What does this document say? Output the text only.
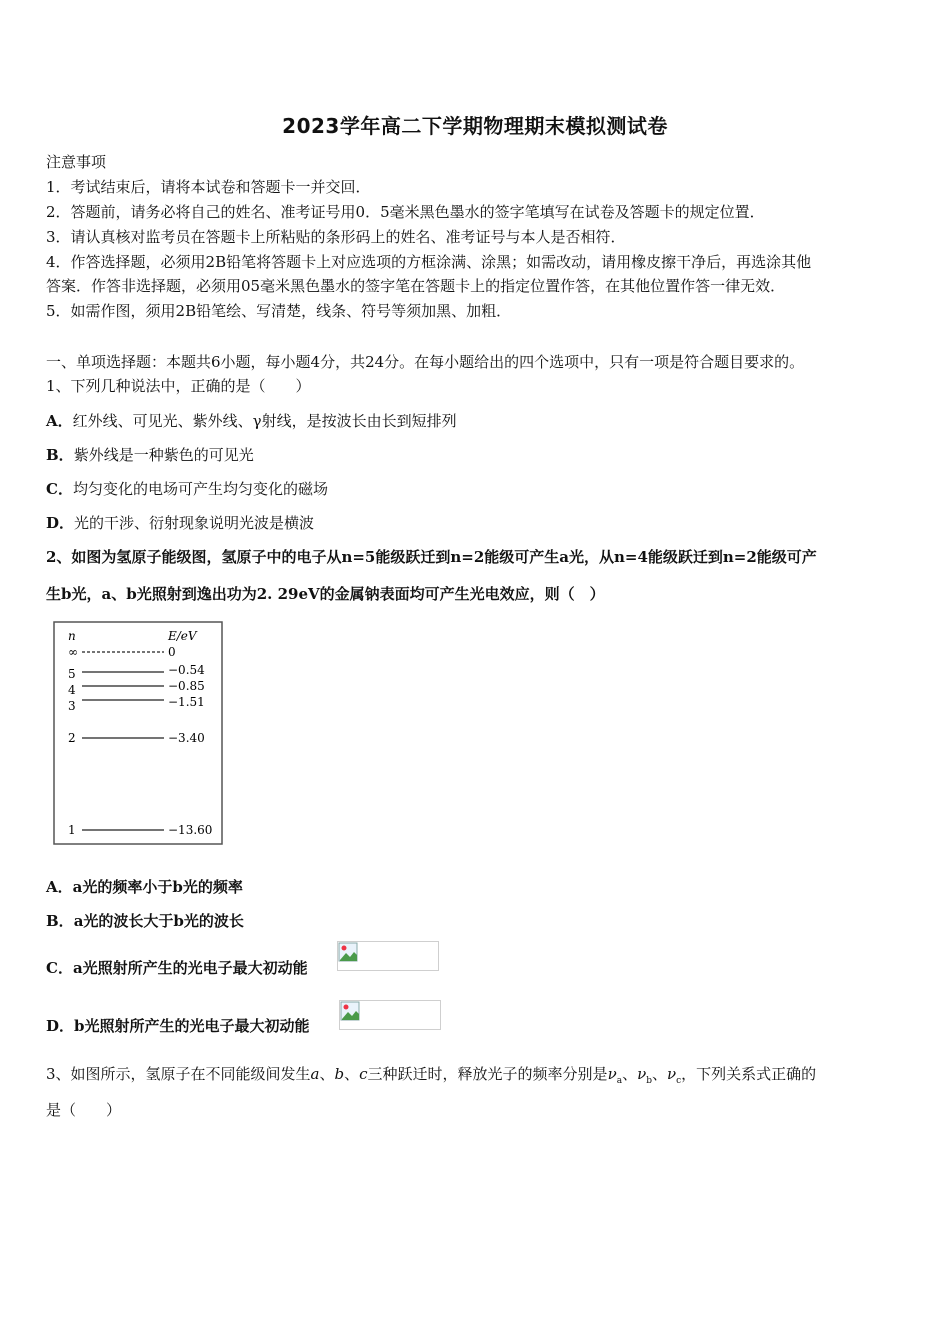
2023学年高二下学期物理期末模拟测试卷
注意事项
1．考试结束后，请将本试卷和答题卡一并交回．
2．答题前，请务必将自己的姓名、准考证号用0．5毫米黑色墨水的签字笔填写在试卷及答题卡的规定位置．
3．请认真核对监考员在答题卡上所粘贴的条形码上的姓名、准考证号与本人是否相符．
4．作答选择题，必须用2B铅笔将答题卡上对应选项的方框涂满、涂黑；如需改动，请用橡皮擦干净后，再选涂其他
答案．作答非选择题，必须用05毫米黑色墨水的签字笔在答题卡上的指定位置作答，在其他位置作答一律无效．
5．如需作图，须用2B铅笔绘、写清楚，线条、符号等须加黑、加粗．
一、单项选择题：本题共6小题，每小题4分，共24分。在每小题给出的四个选项中，只有一项是符合题目要求的。
1、下列几种说法中，正确的是（　　）
A．红外线、可见光、紫外线、γ射线，是按波长由长到短排列
B．紫外线是一种紫色的可见光
C．均匀变化的电场可产生均匀变化的磁场
D．光的干涉、衍射现象说明光波是横波
2、如图为氢原子能级图，氢原子中的电子从n=5能级跃迁到n=2能级可产生a光，从n=4能级跃迁到n=2能级可产
生b光，a、b光照射到逸出功为2. 29eV的金属钠表面均可产生光电效应，则（　）
n	E/eV
∞	0
5	−0.54
4	−0.85
3	−1.51
2	−3.40
1	−13.60
A．a光的频率小于b光的频率
B．a光的波长大于b光的波长
C．a光照射所产生的光电子最大初动能
D．b光照射所产生的光电子最大初动能
3、如图所示，氢原子在不同能级间发生a、b、c三种跃迁时，释放光子的频率分别是$\nu_a$、$\nu_b$、$\nu_c$，下列关系式正确的
是（　　）
